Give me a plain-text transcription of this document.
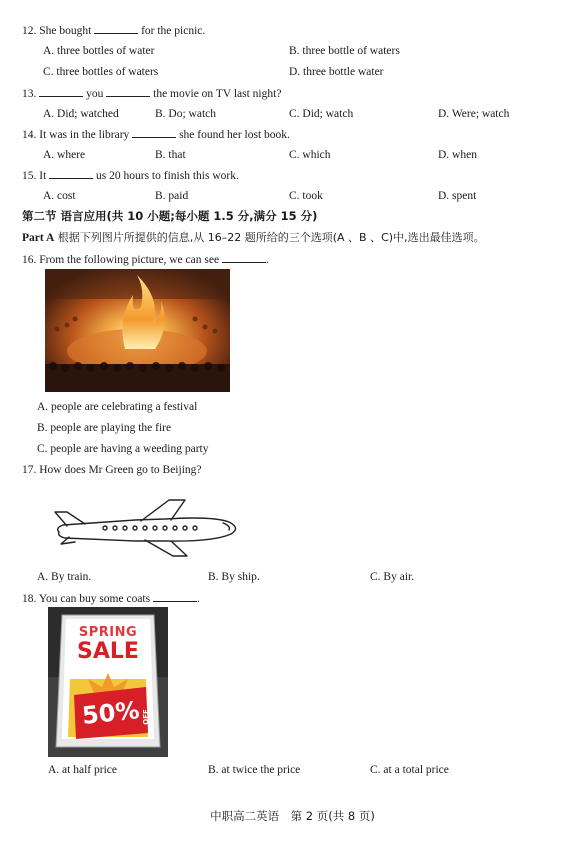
12. She bought	for the picnic.
A. three bottles of water	B. three bottle of waters
C. three bottles of waters	D. three bottle water
13.	you	the movie on TV last night?
A. Did; watched	B. Do; watch	C. Did; watch	D. Were; watch
14. It was in the library	she found her lost book.
A. where	B. that	C. which	D. when
15. It	us 20 hours to finish this work.
A. cost	B. paid	C. took	D. spent
第二节 语言应用(共 10 小题;每小题 1.5 分,满分 15 分)
Part A 根据下列图片所提供的信息,从 16–22 题所给的三个选项(A 、B 、C)中,选出最佳选项。
16. From the following picture, we can see	.
A. people are celebrating a festival
B. people are playing the fire
C. people are having a weeding party
17. How does Mr Green go to Beijing?
A. By train.	B. By ship.	C. By air.
18. You can buy some coats	.
SPRING
SALE
50% OFF
A. at half price	B. at twice the price	C. at a total price
中职高二英语　第 2 页(共 8 页)
